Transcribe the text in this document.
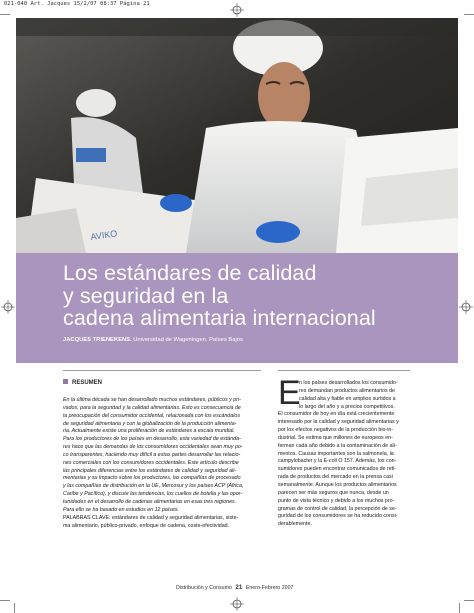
021-040 Art. Jacques 15/2/07 08:37 Página 21
AVIKO
Los estándares de calidad
y seguridad en la
cadena alimentaria internacional
JACQUES TRIENEKENS. Universidad de Wageningen. Países Bajos
RESUMEN
En la última década se han desarrollado muchos estándares, públicos y pri-
vados, para la seguridad y la calidad alimentarias. Esto es consecuencia de
la preocupación del consumidor occidental, relacionada con los escándalos
de seguridad alimentaria y con la globalización de la producción alimenta-
ria. Actualmente existe una proliferación de estándares a escala mundial.
Para los productores de los países en desarrollo, esta variedad de estánda-
res hace que las demandas de los consumidores occidentales sean muy po-
co transparentes, haciendo muy difícil a estas partes desarrollar las relacio-
nes comerciales con los consumidores occidentales. Este artículo describe
las principales diferencias entre los estándares de calidad y seguridad ali-
mentarias y su impacto sobre los productores, las compañías de procesado
y las compañías de distribución en la UE, Mercosur y los países ACP (África,
Caribe y Pacífico), y discute las tendencias, los cuellos de botella y las opor-
tunidades en el desarrollo de cadenas alimentarias en esas tres regiones.
Para ello se ha basado en estudios en 12 países.
PALABRAS CLAVE: estándares de calidad y seguridad alimentarias, siste-
ma alimentario, público-privado, enfoque de cadena, coste-efectividad.
E
n los países desarrollados los consumido-
res demandan productos alimentarios de
calidad alta y fiable en amplios surtidos a
lo largo del año y a precios competitivos.
El consumidor de hoy en día está crecientemente
interesado por la calidad y seguridad alimentarias y
por los efectos negativos de la producción bio-in-
dustrial. Se estima que millones de europeos en-
ferman cada año debido a la contaminación de ali-
mentos. Causas importantes son la salmonela, la
campylobacter y la E-coli O 157. Además, los con-
sumidores pueden encontrar comunicados de reti-
rada de productos del mercado en la prensa casi
semanalmente. Aunque los productos alimentarios
parecen ser más seguros que nunca, desde un
punto de vista técnico y debido a los muchos pro-
gramas de control de calidad, la percepción de se-
guridad de los consumidores se ha reducido consi-
derablemente.
Distribución y Consumo 21 Enero-Febrero 2007
